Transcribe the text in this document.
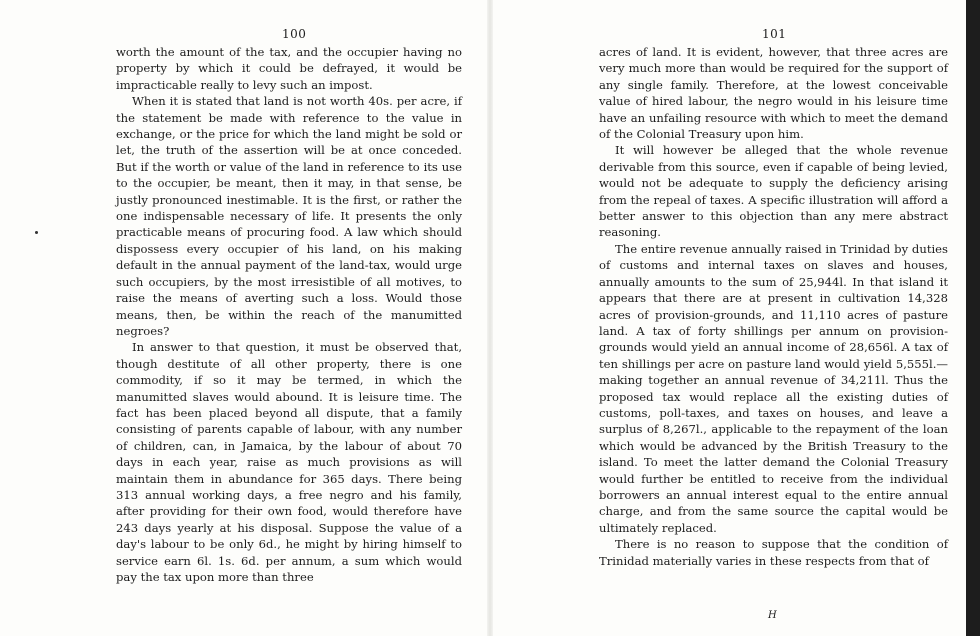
100

worth the amount of the tax, and the occupier having no property by which it could be defrayed, it would be impracticable really to levy such an impost.

When it is stated that land is not worth 40s. per acre, if the statement be made with reference to the value in exchange, or the price for which the land might be sold or let, the truth of the assertion will be at once conceded. But if the worth or value of the land in reference to its use to the occupier, be meant, then it may, in that sense, be justly pronounced inestimable. It is the first, or rather the one indispensable necessary of life. It presents the only practicable means of procuring food. A law which should dispossess every occupier of his land, on his making default in the annual payment of the land-tax, would urge such occupiers, by the most irresistible of all motives, to raise the means of averting such a loss. Would those means, then, be within the reach of the manumitted negroes?

In answer to that question, it must be observed that, though destitute of all other property, there is one commodity, if so it may be termed, in which the manumitted slaves would abound. It is leisure time. The fact has been placed beyond all dispute, that a family consisting of parents capable of labour, with any number of children, can, in Jamaica, by the labour of about 70 days in each year, raise as much provisions as will maintain them in abundance for 365 days. There being 313 annual working days, a free negro and his family, after providing for their own food, would therefore have 243 days yearly at his disposal. Suppose the value of a day's labour to be only 6d., he might by hiring himself to service earn 6l. 1s. 6d. per annum, a sum which would pay the tax upon more than three

101

acres of land. It is evident, however, that three acres are very much more than would be required for the support of any single family. Therefore, at the lowest conceivable value of hired labour, the negro would in his leisure time have an unfailing resource with which to meet the demand of the Colonial Treasury upon him.

It will however be alleged that the whole revenue derivable from this source, even if capable of being levied, would not be adequate to supply the deficiency arising from the repeal of taxes. A specific illustration will afford a better answer to this objection than any mere abstract reasoning.

The entire revenue annually raised in Trinidad by duties of customs and internal taxes on slaves and houses, annually amounts to the sum of 25,944l. In that island it appears that there are at present in cultivation 14,328 acres of provision-grounds, and 11,110 acres of pasture land. A tax of forty shillings per annum on provision-grounds would yield an annual income of 28,656l. A tax of ten shillings per acre on pasture land would yield 5,555l.—making together an annual revenue of 34,211l. Thus the proposed tax would replace all the existing duties of customs, poll-taxes, and taxes on houses, and leave a surplus of 8,267l., applicable to the repayment of the loan which would be advanced by the British Treasury to the island. To meet the latter demand the Colonial Treasury would further be entitled to receive from the individual borrowers an annual interest equal to the entire annual charge, and from the same source the capital would be ultimately replaced.

There is no reason to suppose that the condition of Trinidad materially varies in these respects from that of

H
